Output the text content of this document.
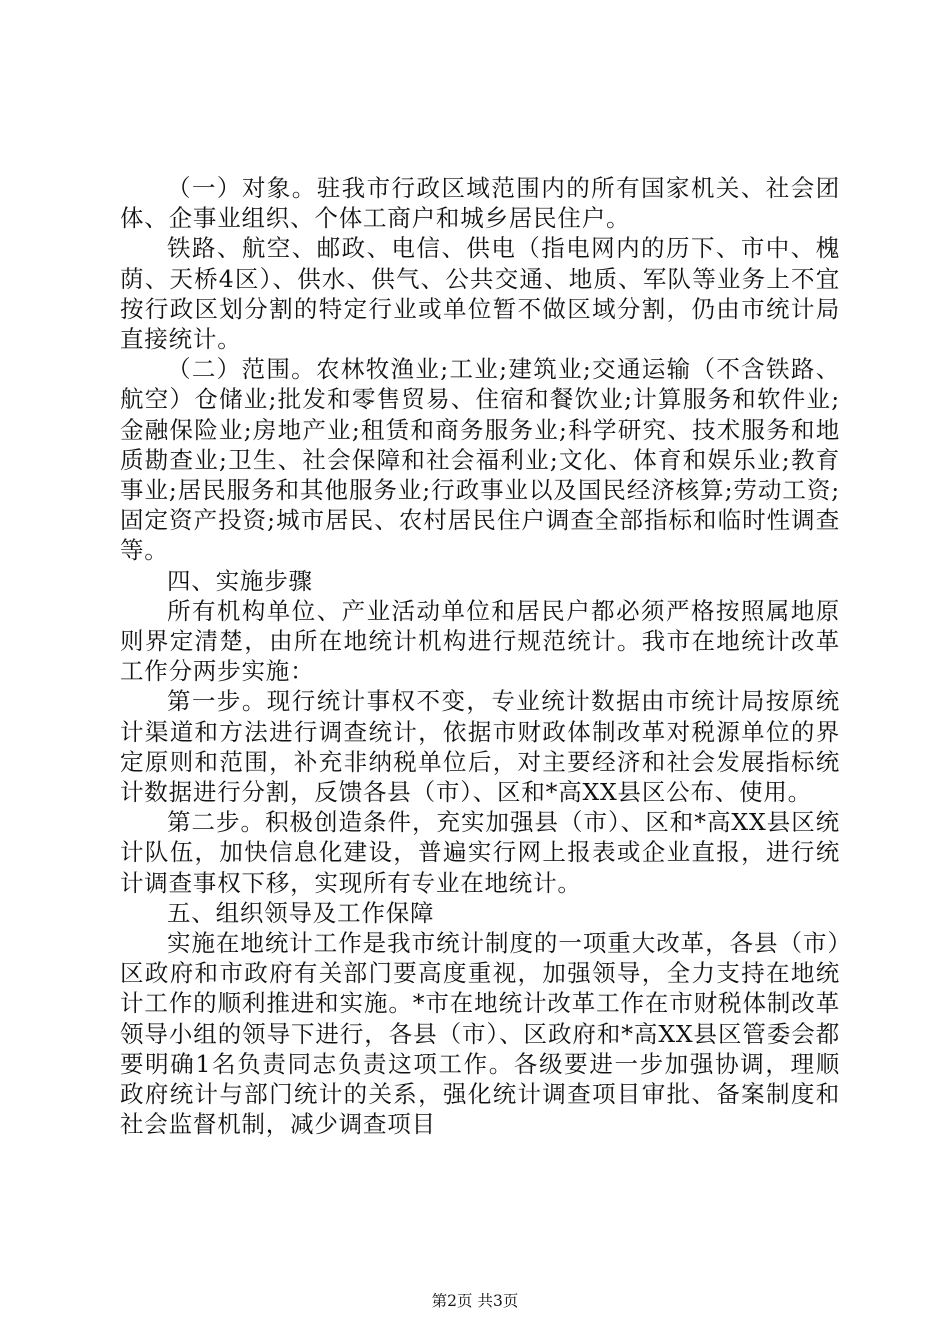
（一）对象。驻我市行政区域范围内的所有国家机关、社会团体、企事业组织、个体工商户和城乡居民住户。

铁路、航空、邮政、电信、供电（指电网内的历下、市中、槐荫、天桥4区）、供水、供气、公共交通、地质、军队等业务上不宜按行政区划分割的特定行业或单位暂不做区域分割，仍由市统计局直接统计。

（二）范围。农林牧渔业;工业;建筑业;交通运输（不含铁路、航空）仓储业;批发和零售贸易、住宿和餐饮业;计算服务和软件业;金融保险业;房地产业;租赁和商务服务业;科学研究、技术服务和地质勘查业;卫生、社会保障和社会福利业;文化、体育和娱乐业;教育事业;居民服务和其他服务业;行政事业以及国民经济核算;劳动工资;固定资产投资;城市居民、农村居民住户调查全部指标和临时性调查等。

四、实施步骤

所有机构单位、产业活动单位和居民户都必须严格按照属地原则界定清楚，由所在地统计机构进行规范统计。我市在地统计改革工作分两步实施：

第一步。现行统计事权不变，专业统计数据由市统计局按原统计渠道和方法进行调查统计，依据市财政体制改革对税源单位的界定原则和范围，补充非纳税单位后，对主要经济和社会发展指标统计数据进行分割，反馈各县（市）、区和*高XX县区公布、使用。

第二步。积极创造条件，充实加强县（市）、区和*高XX县区统计队伍，加快信息化建设，普遍实行网上报表或企业直报，进行统计调查事权下移，实现所有专业在地统计。

五、组织领导及工作保障

实施在地统计工作是我市统计制度的一项重大改革，各县（市）区政府和市政府有关部门要高度重视，加强领导，全力支持在地统计工作的顺利推进和实施。*市在地统计改革工作在市财税体制改革领导小组的领导下进行，各县（市）、区政府和*高XX县区管委会都要明确1名负责同志负责这项工作。各级要进一步加强协调，理顺政府统计与部门统计的关系，强化统计调查项目审批、备案制度和社会监督机制，减少调查项目

第2页 共3页
